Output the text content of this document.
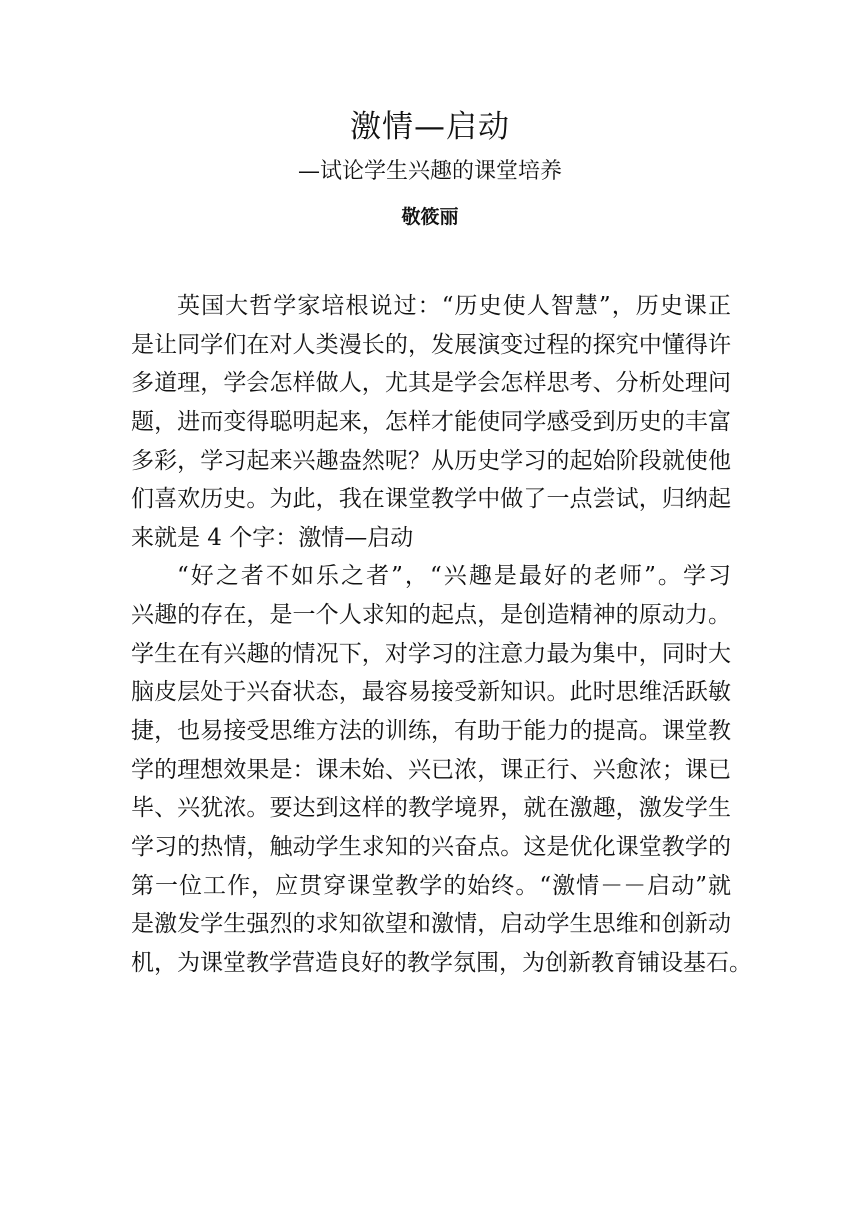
激情—启动
—试论学生兴趣的课堂培养
敬筱丽
英国大哲学家培根说过：“历史使人智慧”，历史课正
是让同学们在对人类漫长的，发展演变过程的探究中懂得许
多道理，学会怎样做人，尤其是学会怎样思考、分析处理问
题，进而变得聪明起来，怎样才能使同学感受到历史的丰富
多彩，学习起来兴趣盎然呢？从历史学习的起始阶段就使他
们喜欢历史。为此，我在课堂教学中做了一点尝试，归纳起
来就是 4 个字：激情—启动
“好之者不如乐之者”，“兴趣是最好的老师”。学习
兴趣的存在，是一个人求知的起点，是创造精神的原动力。
学生在有兴趣的情况下，对学习的注意力最为集中，同时大
脑皮层处于兴奋状态，最容易接受新知识。此时思维活跃敏
捷，也易接受思维方法的训练，有助于能力的提高。课堂教
学的理想效果是：课未始、兴已浓，课正行、兴愈浓；课已
毕、兴犹浓。要达到这样的教学境界，就在激趣，激发学生
学习的热情，触动学生求知的兴奋点。这是优化课堂教学的
第一位工作，应贯穿课堂教学的始终。“激情－－启动”就
是激发学生强烈的求知欲望和激情，启动学生思维和创新动
机，为课堂教学营造良好的教学氛围，为创新教育铺设基石。
